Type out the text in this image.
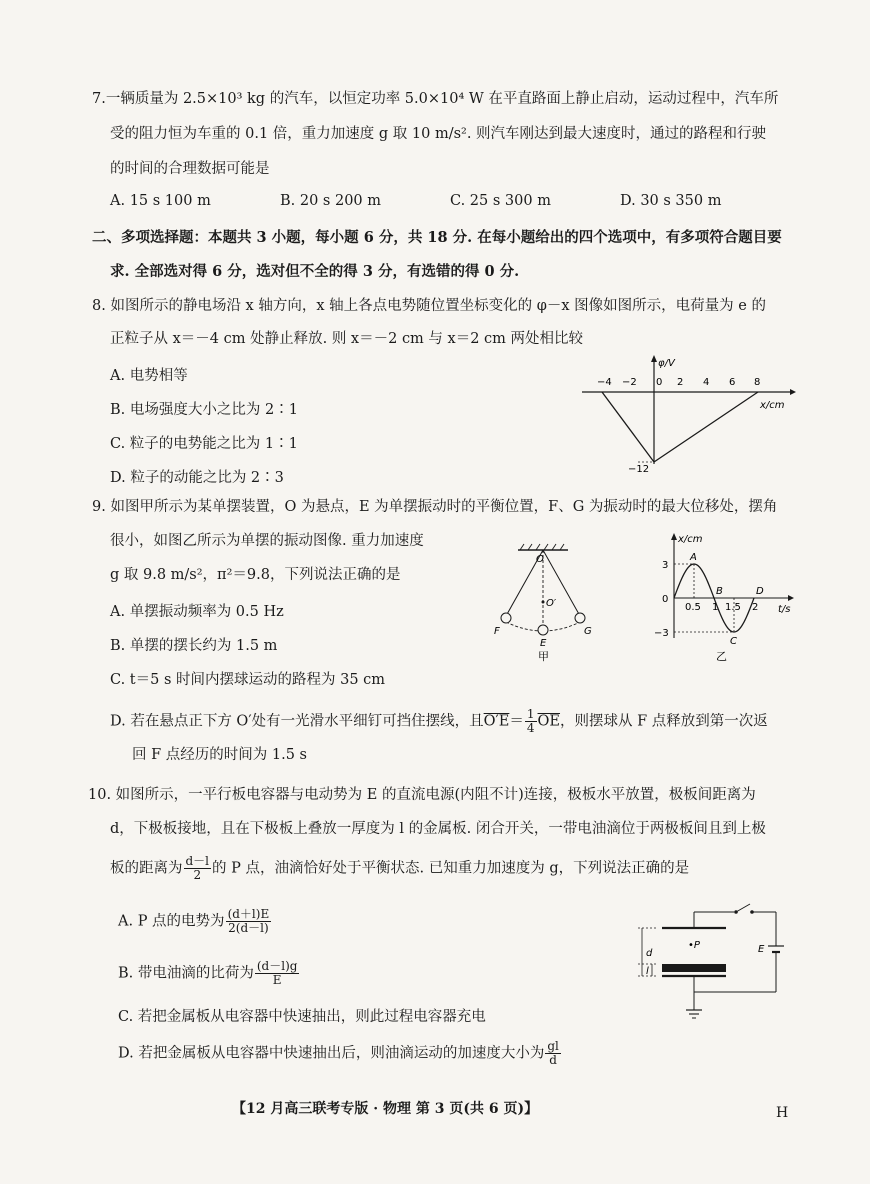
7.一辆质量为 2.5×10³ kg 的汽车，以恒定功率 5.0×10⁴ W 在平直路面上静止启动，运动过程中，汽车所
受的阻力恒为车重的 0.1 倍，重力加速度 g 取 10 m/s². 则汽车刚达到最大速度时，通过的路程和行驶
的时间的合理数据可能是
A. 15 s 100 m	B. 20 s 200 m	C. 25 s 300 m	D. 30 s 350 m
二、多项选择题：本题共 3 小题，每小题 6 分，共 18 分. 在每小题给出的四个选项中，有多项符合题目要
求. 全部选对得 6 分，选对但不全的得 3 分，有选错的得 0 分.
8. 如图所示的静电场沿 x 轴方向，x 轴上各点电势随位置坐标变化的 φ－x 图像如图所示，电荷量为 e 的
正粒子从 x＝－4 cm 处静止释放. 则 x＝－2 cm 与 x＝2 cm 两处相比较
A. 电势相等
B. 电场强度大小之比为 2∶1
C. 粒子的电势能之比为 1∶1
D. 粒子的动能之比为 2∶3
−4 −2 0 2 4 6 8
φ/V
x/cm
−12
9. 如图甲所示为某单摆装置，O 为悬点，E 为单摆振动时的平衡位置，F、G 为振动时的最大位移处，摆角
很小，如图乙所示为单摆的振动图像. 重力加速度
g 取 9.8 m/s²，π²＝9.8，下列说法正确的是
A. 单摆振动频率为 0.5 Hz
B. 单摆的摆长约为 1.5 m
C. t＝5 s 时间内摆球运动的路程为 35 cm
D. 若在悬点正下方 O′处有一光滑水平细钉可挡住摆线，且$O'E= \frac{1}{4} \overline{OE}$，则摆球从 F 点释放到第一次返
回 F 点经历的时间为 1.5 s
O
O′
F
E
G
甲
x/cm
t/s
3
0
−3
0.5 1 1.5 2
A
B
C
D
乙
10. 如图所示，一平行板电容器与电动势为 E 的直流电源(内阻不计)连接，极板水平放置，极板间距离为
d，下极板接地，且在下极板上叠放一厚度为 l 的金属板. 闭合开关，一带电油滴位于两极板间且到上极
板的距离为 $\frac{d-l}{2}$ 的 P 点，油滴恰好处于平衡状态. 已知重力加速度为 g，下列说法正确的是
A. P 点的电势为 $\frac{(d+l)E}{2(d-l)}$
B. 带电油滴的比荷为 $\frac{(d-l)g}{E}$
C. 若把金属板从电容器中快速抽出，则此过程电容器充电
D. 若把金属板从电容器中快速抽出后，则油滴运动的加速度大小为 $\frac{gl}{d}$
d
l
•P	E
【12 月高三联考专版 · 物理 第 3 页(共 6 页)】	H
